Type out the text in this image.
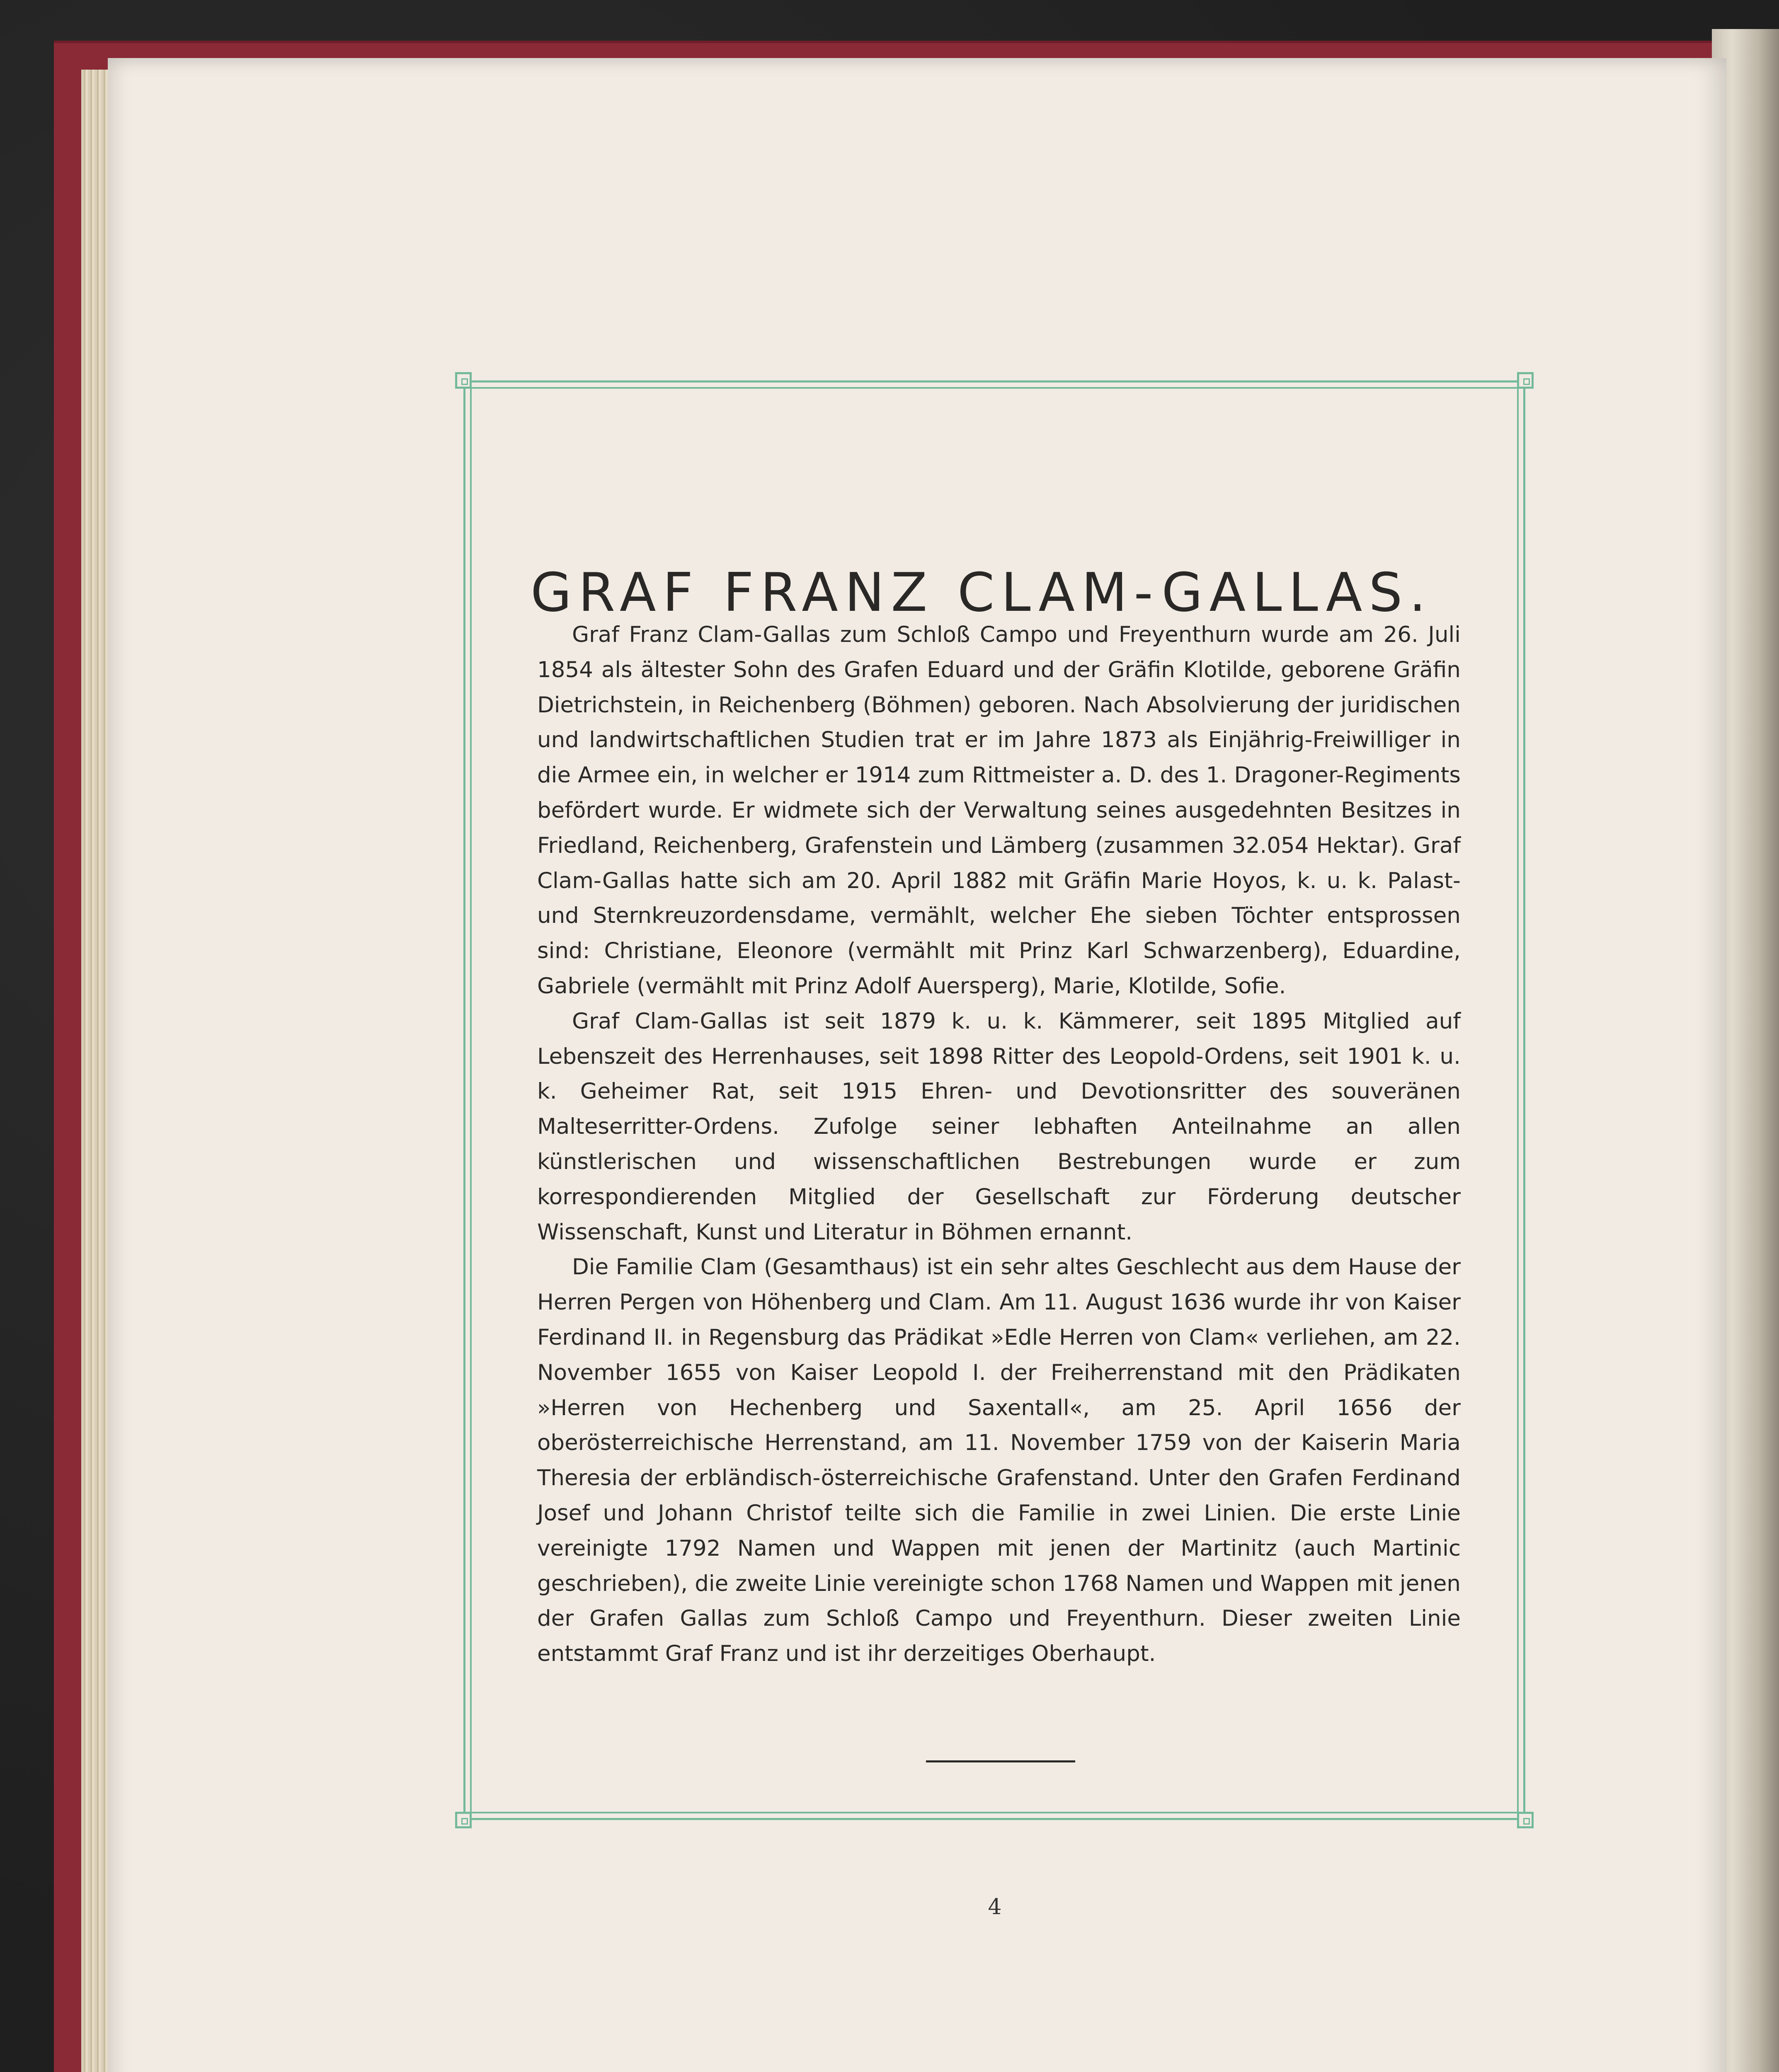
GRAF FRANZ CLAM-GALLAS.

Graf Franz Clam-Gallas zum Schloß Campo und Freyenthurn wurde am 26. Juli 1854 als ältester Sohn des Grafen Eduard und der Gräfin Klotilde, geborene Gräfin Dietrichstein, in Reichenberg (Böhmen) geboren. Nach Absolvierung der juridischen und landwirtschaftlichen Studien trat er im Jahre 1873 als Einjährig-Freiwilliger in die Armee ein, in welcher er 1914 zum Rittmeister a. D. des 1. Dragoner-Regiments befördert wurde. Er widmete sich der Verwaltung seines ausgedehnten Besitzes in Friedland, Reichenberg, Grafenstein und Lämberg (zusammen 32.054 Hektar). Graf Clam-Gallas hatte sich am 20. April 1882 mit Gräfin Marie Hoyos, k. u. k. Palast- und Sternkreuzordensdame, vermählt, welcher Ehe sieben Töchter entsprossen sind: Christiane, Eleonore (vermählt mit Prinz Karl Schwarzenberg), Eduardine, Gabriele (vermählt mit Prinz Adolf Auersperg), Marie, Klotilde, Sofie.

Graf Clam-Gallas ist seit 1879 k. u. k. Kämmerer, seit 1895 Mitglied auf Lebenszeit des Herrenhauses, seit 1898 Ritter des Leopold-Ordens, seit 1901 k. u. k. Geheimer Rat, seit 1915 Ehren- und Devotionsritter des souveränen Malteserritter-Ordens. Zufolge seiner lebhaften Anteilnahme an allen künstlerischen und wissenschaftlichen Bestrebungen wurde er zum korrespondierenden Mitglied der Gesellschaft zur Förderung deutscher Wissenschaft, Kunst und Literatur in Böhmen ernannt.

Die Familie Clam (Gesamthaus) ist ein sehr altes Geschlecht aus dem Hause der Herren Pergen von Höhenberg und Clam. Am 11. August 1636 wurde ihr von Kaiser Ferdinand II. in Regensburg das Prädikat »Edle Herren von Clam« verliehen, am 22. November 1655 von Kaiser Leopold I. der Freiherrenstand mit den Prädikaten »Herren von Hechenberg und Saxentall«, am 25. April 1656 der oberösterreichische Herrenstand, am 11. November 1759 von der Kaiserin Maria Theresia der erbländisch-österreichische Grafenstand. Unter den Grafen Ferdinand Josef und Johann Christof teilte sich die Familie in zwei Linien. Die erste Linie vereinigte 1792 Namen und Wappen mit jenen der Martinitz (auch Martinic geschrieben), die zweite Linie vereinigte schon 1768 Namen und Wappen mit jenen der Grafen Gallas zum Schloß Campo und Freyenthurn. Dieser zweiten Linie entstammt Graf Franz und ist ihr derzeitiges Oberhaupt.

4
